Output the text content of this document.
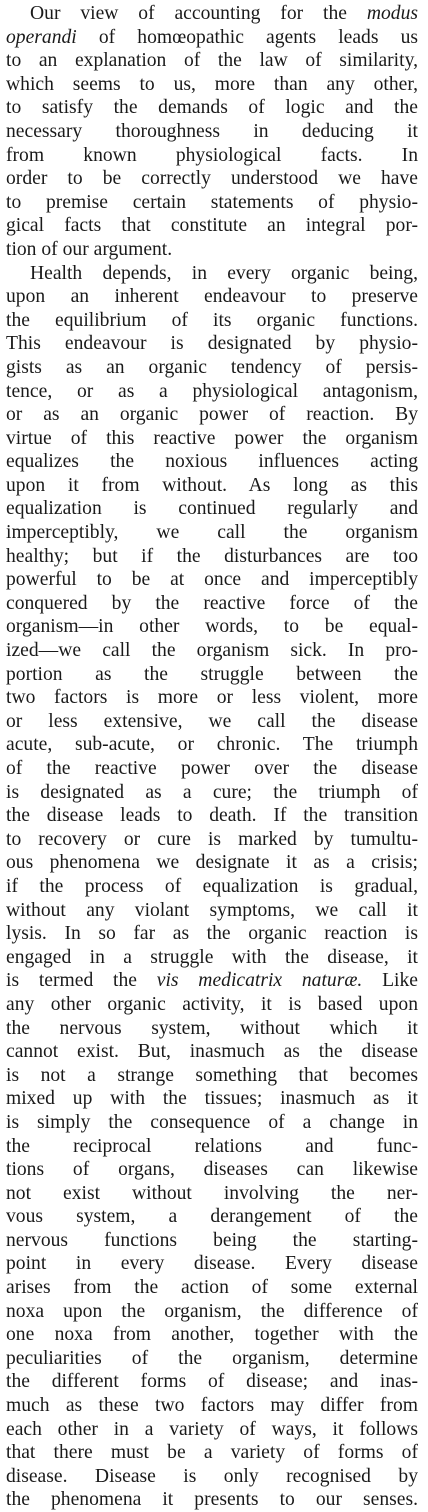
Our view of accounting for the modus
operandi of homœopathic agents leads us
to an explanation of the law of similarity,
which seems to us, more than any other,
to satisfy the demands of logic and the
necessary thoroughness in deducing it
from known physiological facts. In
order to be correctly understood we have
to premise certain statements of physio-
gical facts that constitute an integral por-
tion of our argument.
Health depends, in every organic being,
upon an inherent endeavour to preserve
the equilibrium of its organic functions.
This endeavour is designated by physio-
gists as an organic tendency of persis-
tence, or as a physiological antagonism,
or as an organic power of reaction. By
virtue of this reactive power the organism
equalizes the noxious influences acting
upon it from without. As long as this
equalization is continued regularly and
imperceptibly, we call the organism
healthy; but if the disturbances are too
powerful to be at once and imperceptibly
conquered by the reactive force of the
organism—in other words, to be equal-
ized—we call the organism sick. In pro-
portion as the struggle between the
two factors is more or less violent, more
or less extensive, we call the disease
acute, sub-acute, or chronic. The triumph
of the reactive power over the disease
is designated as a cure; the triumph of
the disease leads to death. If the transition
to recovery or cure is marked by tumultu-
ous phenomena we designate it as a crisis;
if the process of equalization is gradual,
without any violant symptoms, we call it
lysis. In so far as the organic reaction is
engaged in a struggle with the disease, it
is termed the vis medicatrix naturæ. Like
any other organic activity, it is based upon
the nervous system, without which it
cannot exist. But, inasmuch as the disease
is not a strange something that becomes
mixed up with the tissues; inasmuch as it
is simply the consequence of a change in
the reciprocal relations and func-
tions of organs, diseases can likewise
not exist without involving the ner-
vous system, a derangement of the
nervous functions being the starting-
point in every disease. Every disease
arises from the action of some external
noxa upon the organism, the difference of
one noxa from another, together with the
peculiarities of the organism, determine
the different forms of disease; and inas-
much as these two factors may differ from
each other in a variety of ways, it follows
that there must be a variety of forms of
disease. Disease is only recognised by
the phenomena it presents to our senses.
